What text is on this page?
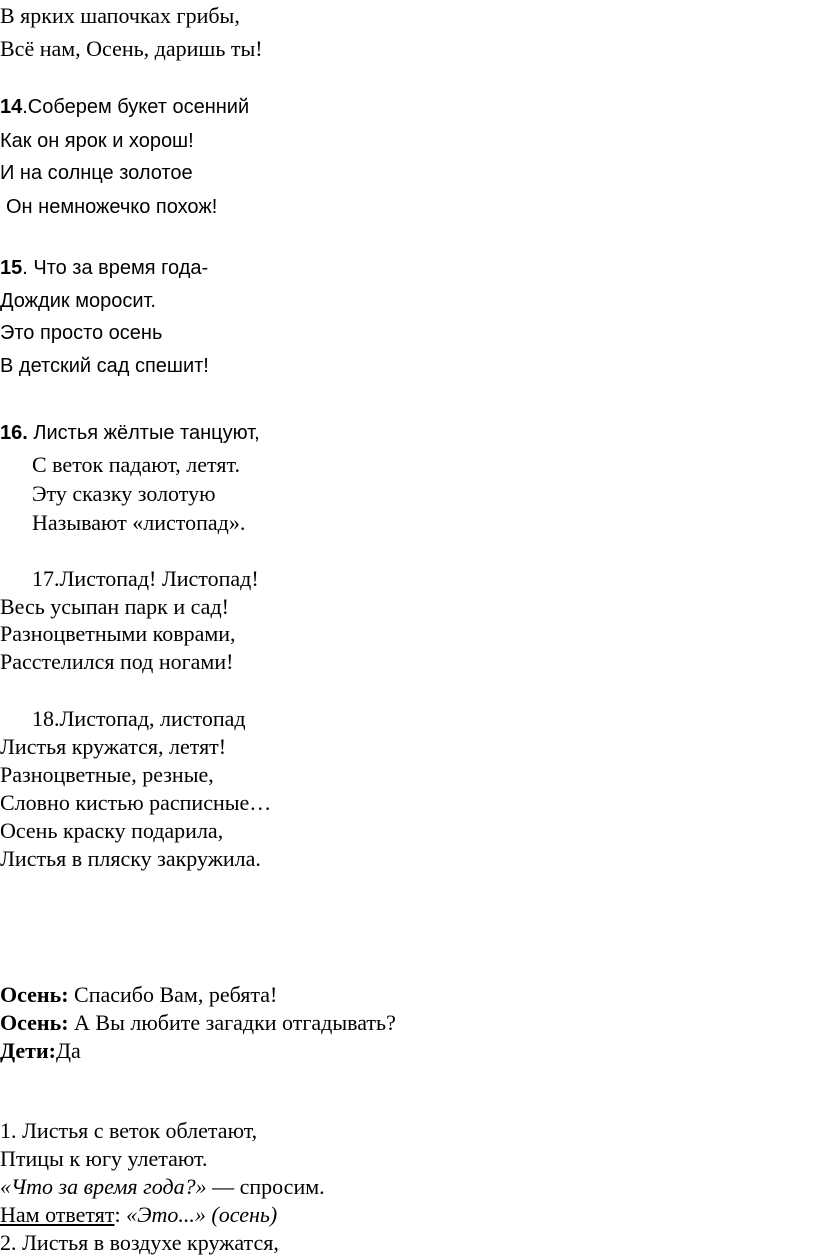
В ярких шапочках грибы,
Всё нам, Осень, даришь ты!
14.Соберем букет осенний
Как он ярок и хорош!
И на солнце золотое
Он немножечко похож!
15. Что за время года-
Дождик моросит.
Это просто осень
В детский сад спешит!
16. Листья жёлтые танцуют,
С веток падают, летят.
Эту сказку золотую
Называют «листопад».
17.Листопад! Листопад!
Весь усыпан парк и сад!
Разноцветными коврами,
Расстелился под ногами!
18.Листопад, листопад
Листья кружатся, летят!
Разноцветные, резные,
Словно кистью расписные…
Осень краску подарила,
Листья в пляску закружила.
Осень: Спасибо Вам, ребята!
Осень: А Вы любите загадки отгадывать?
Дети:Да
1. Листья с веток облетают,
Птицы к югу улетают.
«Что за время года?» — спросим.
Нам ответят: «Это...» (осень)
2. Листья в воздухе кружатся,
